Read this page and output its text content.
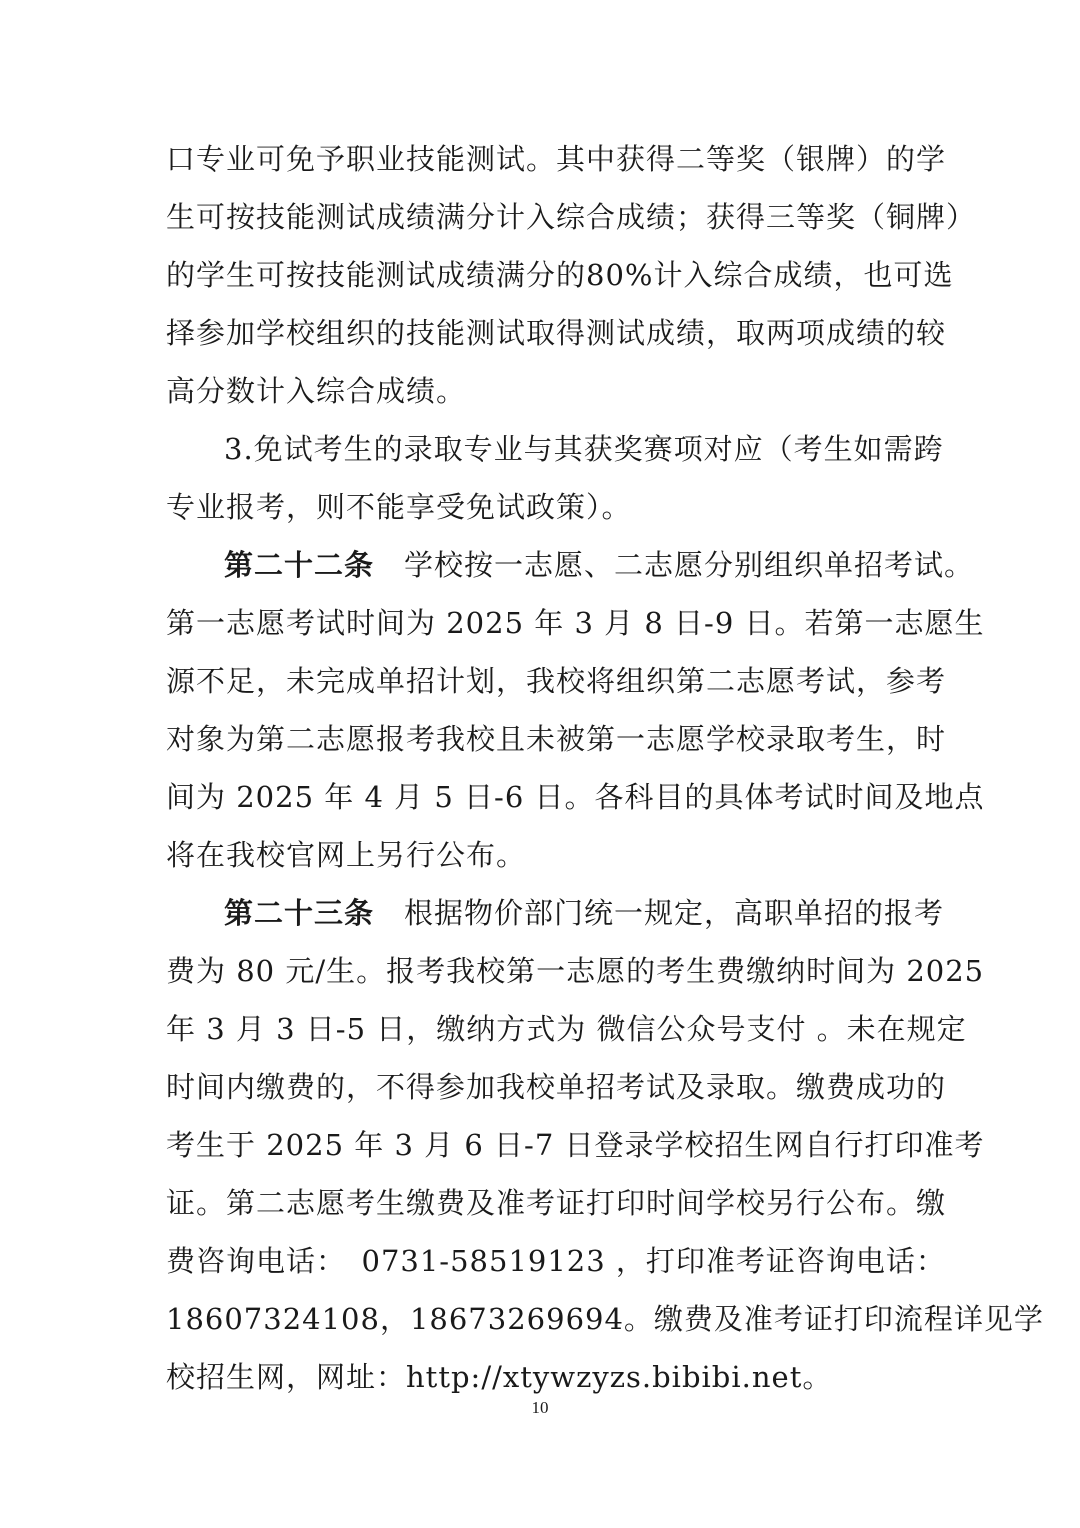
口专业可免予职业技能测试。其中获得二等奖（银牌）的学
生可按技能测试成绩满分计入综合成绩；获得三等奖（铜牌）
的学生可按技能测试成绩满分的80%计入综合成绩，也可选
择参加学校组织的技能测试取得测试成绩，取两项成绩的较
高分数计入综合成绩。
3.免试考生的录取专业与其获奖赛项对应（考生如需跨
专业报考，则不能享受免试政策）。
第二十二条　学校按一志愿、二志愿分别组织单招考试。
第一志愿考试时间为 2025 年 3 月 8 日-9 日。若第一志愿生
源不足，未完成单招计划，我校将组织第二志愿考试，参考
对象为第二志愿报考我校且未被第一志愿学校录取考生，时
间为 2025 年 4 月 5 日-6 日。各科目的具体考试时间及地点
将在我校官网上另行公布。
第二十三条　根据物价部门统一规定，高职单招的报考
费为 80 元/生。报考我校第一志愿的考生费缴纳时间为 2025
年 3 月 3 日-5 日，缴纳方式为 微信公众号支付 。未在规定
时间内缴费的，不得参加我校单招考试及录取。缴费成功的
考生于 2025 年 3 月 6 日-7 日登录学校招生网自行打印准考
证。第二志愿考生缴费及准考证打印时间学校另行公布。缴
费咨询电话：　0731-58519123 ，打印准考证咨询电话：
18607324108，18673269694。缴费及准考证打印流程详见学
校招生网，网址：http://xtywzyzs.bibibi.net。
10
